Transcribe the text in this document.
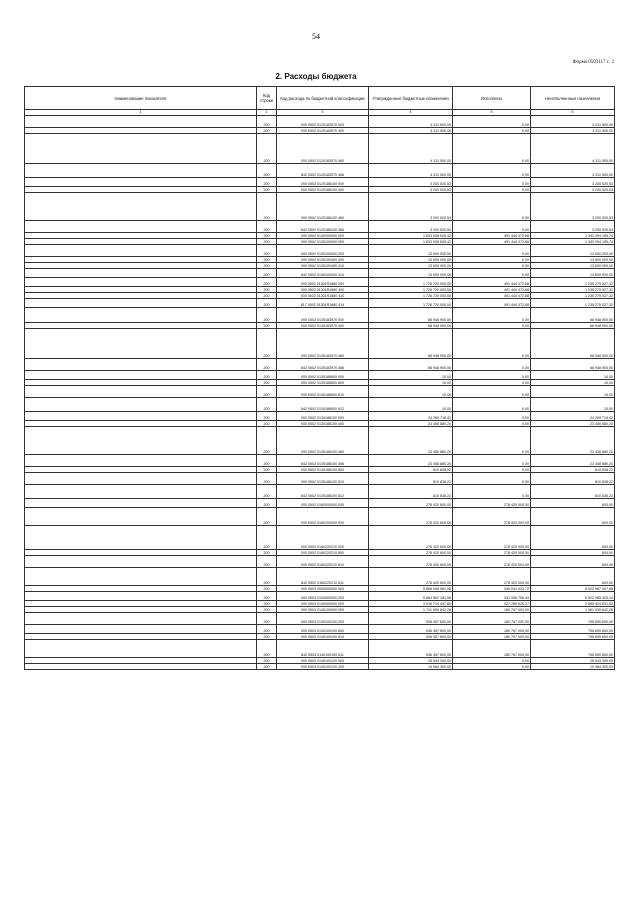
54
Форма 0503117 с. 2
2. Расходы бюджета
Наименование показателя	Код строки	Код расхода по бюджетной классификации	Утвержденные бюджетные назначения	Исполнено	Неисполненные назначения
1	2	3	4	5	6
	200	000 0502 0120183970 000	4 311 500,00	0,00	4 311 500,00
	200	000 0502 0120183970 400	4 311 500,00	0,00	4 311 500,00
	200	000 0502 0120183970 460	4 311 500,00	0,00	4 311 500,00
	200	842 0502 0120183970 466	4 311 500,00	0,00	4 311 500,00
	200	000 0502 0120188100 000	3 200 520,53	0,00	3 200 520,53
	200	000 0502 0120188100 400	3 200 520,53	0,00	3 200 520,53
	200	000 0502 0120188100 460	3 200 520,53	0,00	3 200 520,53
	200	842 0502 0120188100 466	3 200 520,53	0,00	3 200 520,53
	200	000 0502 0130000000 000	1 833 538 628,42	491 444 472,68	1 342 094 155,74
	200	000 0502 0130100000 000	1 833 538 628,42	491 444 472,68	1 342 094 155,74
	200	000 0502 0130100400 000	13 600 000,00	0,00	13 600 000,00
	200	000 0502 0130100400 400	13 600 000,00	0,00	13 600 000,00
	200	000 0502 0130100400 410	13 600 000,00	0,00	13 600 000,00
	200	842 0502 0130100400 414	13 600 000,00	0,00	13 600 000,00
	200	000 0502 01301R1880 000	1 726 720 000,00	491 444 472,68	1 235 275 527,32
	200	000 0502 01301R1880 400	1 726 720 000,00	491 444 472,68	1 235 275 527,32
	200	000 0502 01301R1880 410	1 726 720 000,00	491 444 472,68	1 235 275 527,32
	200	817 0502 01301R1880 414	1 726 720 000,00	491 444 472,68	1 235 275 527,32
	200	000 0502 0130183970 000	68 948 900,00	0,00	68 948 900,00
	200	000 0502 0130183970 400	68 948 900,00	0,00	68 948 900,00
	200	000 0502 0130183970 460	68 948 900,00	0,00	68 948 900,00
	200	842 0502 0130183970 466	68 948 900,00	0,00	68 948 900,00
	200	000 0502 0130186600 000	10,00	0,00	10,00
	200	000 0502 0130186600 800	10,00	0,00	10,00
	200	000 0502 0130186600 810	10,00	0,00	10,00
	200	842 0502 0130186600 812	10,00	0,00	10,00
	200	000 0502 0130188100 000	24 269 718,42	0,00	24 269 718,42
	200	000 0502 0130188100 400	23 458 880,20	0,00	23 458 880,20
	200	000 0502 0130188100 460	23 458 880,20	0,00	23 458 880,20
	200	842 0502 0130188100 466	23 458 880,20	0,00	23 458 880,20
	200	000 0502 0130188100 800	810 838,22	0,00	810 838,22
	200	000 0502 0130188100 810	810 838,22	0,00	810 838,22
	200	842 0502 0130188100 812	810 838,22	0,00	810 838,22
	200	000 0502 0160000000 000	278 420 600,00	278 420 000,00	600,00
	200	000 0502 0160200000 000	278 420 600,00	278 420 000,00	600,00
	200	000 0502 0160220210 000	278 420 600,00	278 420 000,00	600,00
	200	000 0502 0160220210 800	278 420 600,00	278 420 000,00	600,00
	200	000 0502 0160220210 810	278 420 600,00	278 420 000,00	600,00
	200	842 0502 0160220210 811	278 420 600,00	278 420 000,00	600,00
	200	000 0503 0000000000 000	5 866 008 981,98	349 041 033,72	5 522 967 947,86
	200	000 0503 0100000000 000	5 864 562 181,98	341 596 756,44	5 522 965 425,14
	200	000 0503 0140000000 000	3 016 714 457,80	327 289 626,27	2 689 424 831,53
	200	000 0503 0140100000 000	1 741 806 842,26	180 767 000,00	1 561 039 842,26
	200	000 0503 0140100100 000	936 457 600,00	180 767 000,00	755 690 600,00
	200	000 0503 0140100100 600	936 457 600,00	180 767 000,00	755 690 600,00
	200	000 0503 0140100100 610	936 457 600,00	180 767 000,00	755 690 600,00
	200	842 0503 0140100100 611	936 457 600,00	180 767 000,00	755 690 600,00
	200	000 0503 0140100120 000	25 543 300,00	0,00	25 543 300,00
	200	000 0503 0140100120 200	10 984 300,00	0,00	10 984 300,00
